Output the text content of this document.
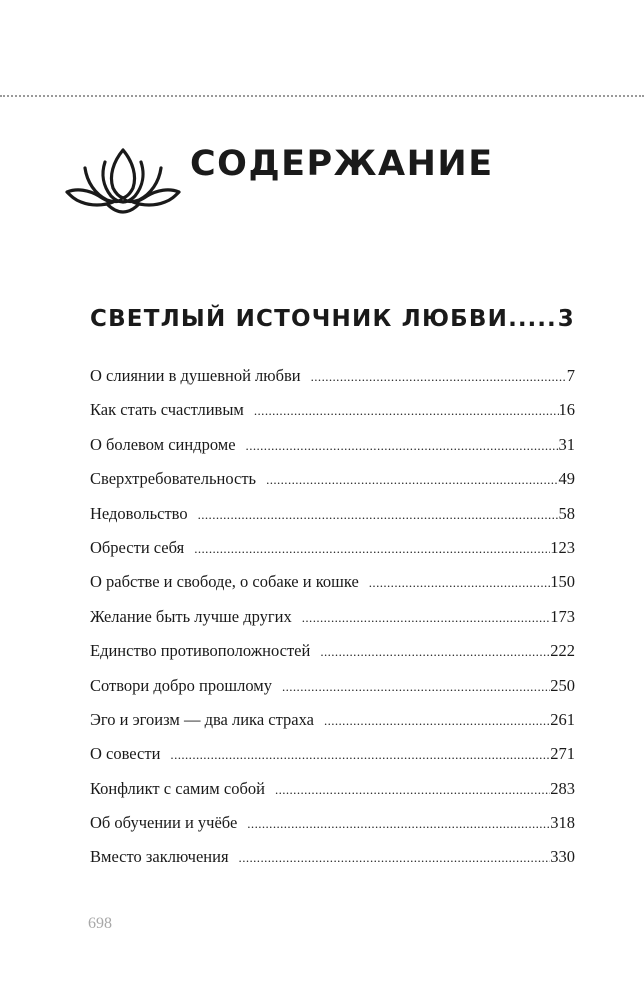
СОДЕРЖАНИЕ
СВЕТЛЫЙ ИСТОЧНИК ЛЮБВИ ..... 3
О слиянии в душевной любви .....	7
Как стать счастливым .....	16
О болевом синдроме .....	31
Сверхтребовательность .....	49
Недовольство .....	58
Обрести себя .....	123
О рабстве и свободе, о собаке и кошке .....	150
Желание быть лучше других .....	173
Единство противоположностей .....	222
Сотвори добро прошлому .....	250
Эго и эгоизм — два лика страха .....	261
О совести .....	271
Конфликт с самим собой .....	283
Об обучении и учёбе .....	318
Вместо заключения .....	330
698
